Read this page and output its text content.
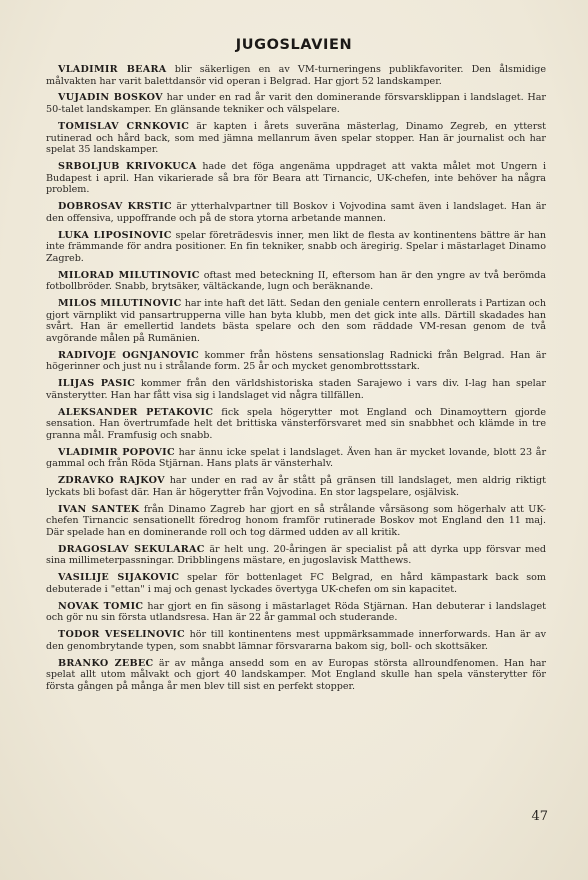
JUGOSLAVIEN

VLADIMIR BEARA blir säkerligen en av VM-turneringens publikfavoriter. Den ålsmidige målvakten har varit balettdansör vid operan i Belgrad. Har gjort 52 landskamper.

VUJADIN BOSKOV har under en rad år varit den dominerande försvarsklippan i landslaget. Har 50-talet landskamper. En glänsande tekniker och välspelare.

TOMISLAV CRNKOVIC är kapten i årets suveräna mästerlag, Dinamo Zegreb, en ytterst rutinerad och hård back, som med jämna mellanrum även spelar stopper. Han är journalist och har spelat 35 landskamper.

SRBOLJUB KRIVOKUCA hade det föga angenäma uppdraget att vakta målet mot Ungern i Budapest i april. Han vikarierade så bra för Beara att Tirnancic, UK-chefen, inte behöver ha några problem.

DOBROSAV KRSTIC är ytterhalvpartner till Boskov i Vojvodina samt även i landslaget. Han är den offensiva, uppoffrande och på de stora ytorna arbetande mannen.

LUKA LIPOSINOVIC spelar företrädesvis inner, men likt de flesta av kontinentens bättre är han inte främmande för andra positioner. En fin tekniker, snabb och äregirig. Spelar i mästarlaget Dinamo Zagreb.

MILORAD MILUTINOVIC oftast med beteckning II, eftersom han är den yngre av två berömda fotbollbröder. Snabb, brytsäker, vältäckande, lugn och beräknande.

MILOS MILUTINOVIC har inte haft det lätt. Sedan den geniale centern enrollerats i Partizan och gjort värnplikt vid pansartrupperna ville han byta klubb, men det gick inte alls. Därtill skadades han svårt. Han är emellertid landets bästa spelare och den som räddade VM-resan genom de två avgörande målen på Rumänien.

RADIVOJE OGNJANOVIC kommer från höstens sensationslag Radnicki från Belgrad. Han är högerinner och just nu i strålande form. 25 år och mycket genombrottsstark.

ILIJAS PASIC kommer från den världshistoriska staden Sarajewo i vars div. I-lag han spelar vänsterytter. Han har fått visa sig i landslaget vid några tillfällen.

ALEKSANDER PETAKOVIC fick spela högerytter mot England och Dinamoyttern gjorde sensation. Han övertrumfade helt det brittiska vänsterförsvaret med sin snabbhet och klämde in tre granna mål. Framfusig och snabb.

VLADIMIR POPOVIC har ännu icke spelat i landslaget. Även han är mycket lovande, blott 23 år gammal och från Röda Stjärnan. Hans plats är vänsterhalv.

ZDRAVKO RAJKOV har under en rad av år stått på gränsen till landslaget, men aldrig riktigt lyckats bli bofast där. Han är högerytter från Vojvodina. En stor lagspelare, osjälvisk.

IVAN SANTEK från Dinamo Zagreb har gjort en så strålande vårsäsong som högerhalv att UK-chefen Tirnancic sensationellt föredrog honom framför rutinerade Boskov mot England den 11 maj. Där spelade han en dominerande roll och tog därmed udden av all kritik.

DRAGOSLAV SEKULARAC är helt ung. 20-åringen är specialist på att dyrka upp försvar med sina millimeterpassningar. Dribblingens mästare, en jugoslavisk Matthews.

VASILIJE SIJAKOVIC spelar för bottenlaget FC Belgrad, en hård kämpastark back som debuterade i "ettan" i maj och genast lyckades övertyga UK-chefen om sin kapacitet.

NOVAK TOMIC har gjort en fin säsong i mästarlaget Röda Stjärnan. Han debuterar i landslaget och gör nu sin första utlandsresa. Han är 22 år gammal och studerande.

TODOR VESELINOVIC hör till kontinentens mest uppmärksammade innerforwards. Han är av den genombrytande typen, som snabbt lämnar försvararna bakom sig, boll- och skottsäker.

BRANKO ZEBEC är av många ansedd som en av Europas största allroundfenomen. Han har spelat allt utom målvakt och gjort 40 landskamper. Mot England skulle han spela vänsterytter för första gången på många år men blev till sist en perfekt stopper.

47
